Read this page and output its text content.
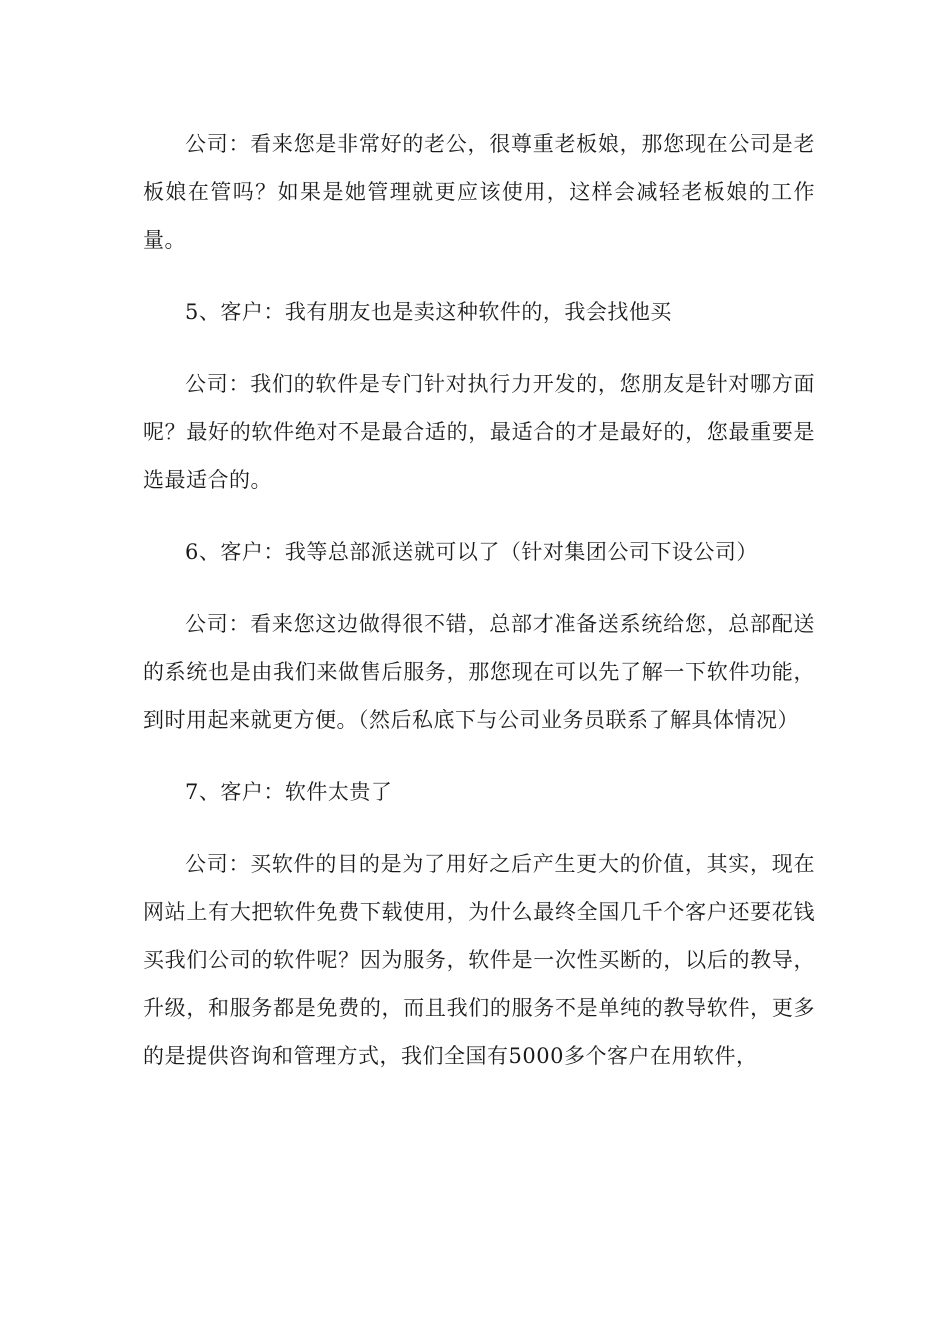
公司：看来您是非常好的老公，很尊重老板娘，那您现在公司是老板娘在管吗？如果是她管理就更应该使用，这样会减轻老板娘的工作量。

5、客户：我有朋友也是卖这种软件的，我会找他买

公司：我们的软件是专门针对执行力开发的，您朋友是针对哪方面呢？最好的软件绝对不是最合适的，最适合的才是最好的，您最重要是选最适合的。

6、客户：我等总部派送就可以了（针对集团公司下设公司）

公司：看来您这边做得很不错，总部才准备送系统给您，总部配送的系统也是由我们来做售后服务，那您现在可以先了解一下软件功能，到时用起来就更方便。（然后私底下与公司业务员联系了解具体情况）

7、客户：软件太贵了

公司：买软件的目的是为了用好之后产生更大的价值，其实，现在网站上有大把软件免费下载使用，为什么最终全国几千个客户还要花钱买我们公司的软件呢？因为服务，软件是一次性买断的，以后的教导，升级，和服务都是免费的，而且我们的服务不是单纯的教导软件，更多的是提供咨询和管理方式，我们全国有5000多个客户在用软件，
